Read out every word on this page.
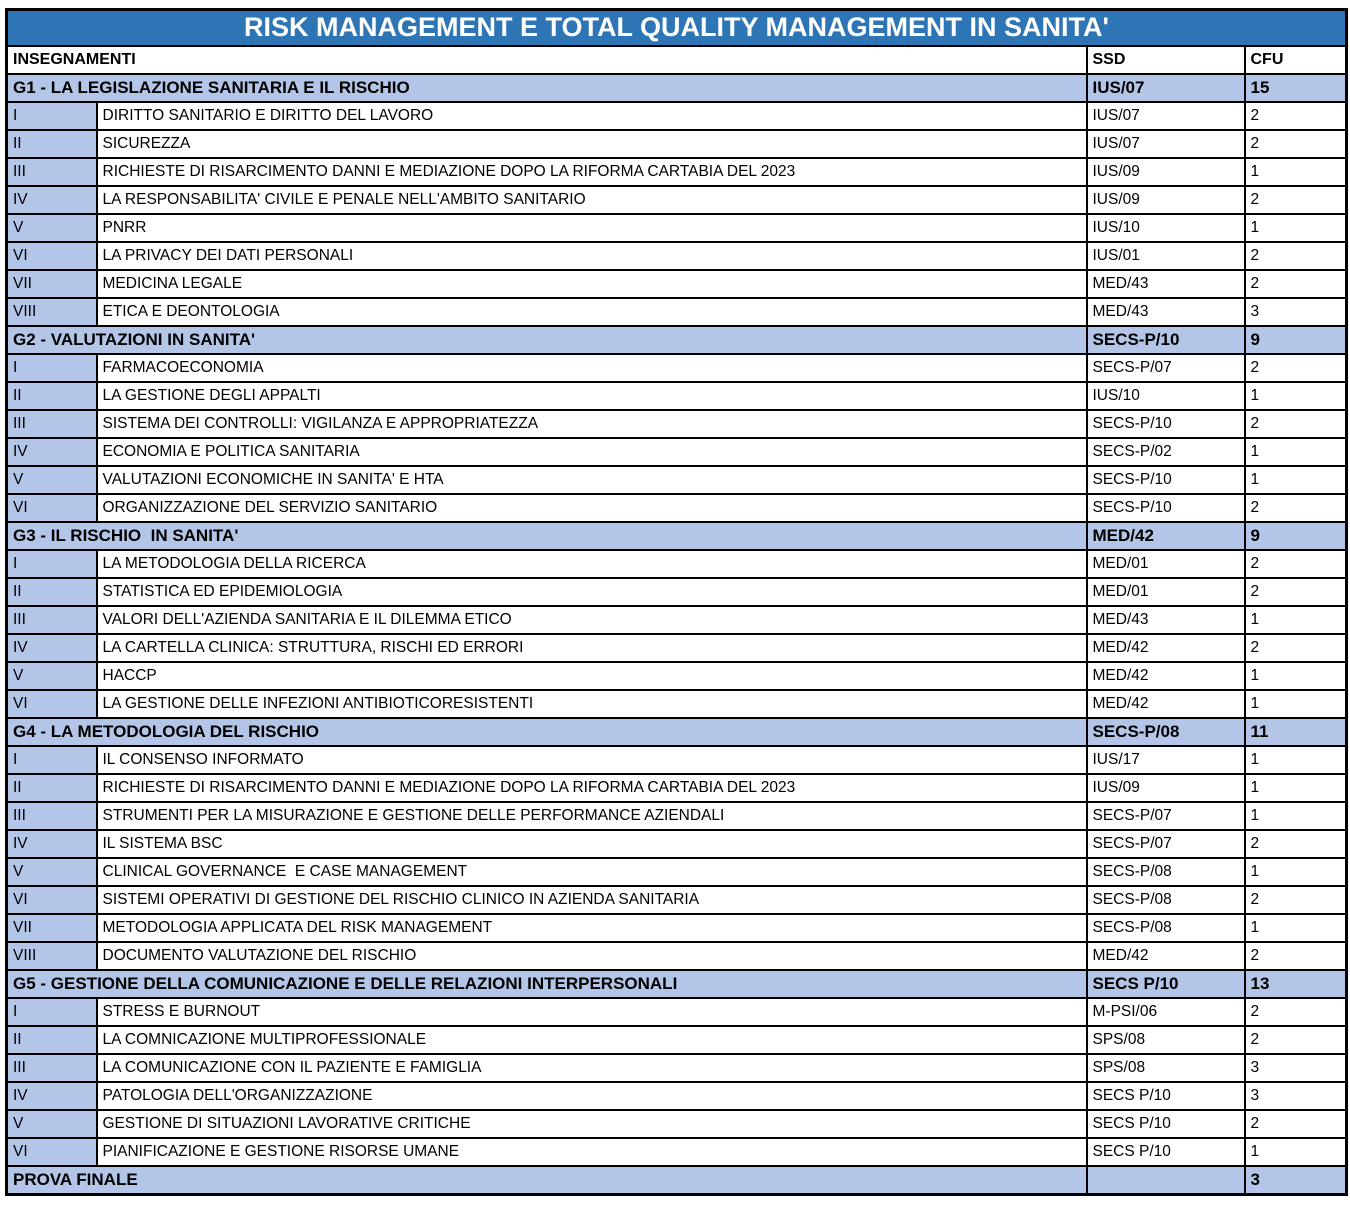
RISK MANAGEMENT E TOTAL QUALITY MANAGEMENT IN SANITA'			
INSEGNAMENTI		SSD	CFU
G1 - LA LEGISLAZIONE SANITARIA E IL RISCHIO		IUS/07	15
I	DIRITTO SANITARIO E DIRITTO DEL LAVORO	IUS/07	2
II	SICUREZZA	IUS/07	2
III	RICHIESTE DI RISARCIMENTO DANNI E MEDIAZIONE DOPO LA RIFORMA CARTABIA DEL 2023	IUS/09	1
IV	LA RESPONSABILITA' CIVILE E PENALE NELL'AMBITO SANITARIO	IUS/09	2
V	PNRR	IUS/10	1
VI	LA PRIVACY DEI DATI PERSONALI	IUS/01	2
VII	MEDICINA LEGALE	MED/43	2
VIII	ETICA E DEONTOLOGIA	MED/43	3
G2 - VALUTAZIONI IN SANITA'		SECS-P/10	9
I	FARMACOECONOMIA	SECS-P/07	2
II	LA GESTIONE DEGLI APPALTI	IUS/10	1
III	SISTEMA DEI CONTROLLI: VIGILANZA E APPROPRIATEZZA	SECS-P/10	2
IV	ECONOMIA E POLITICA SANITARIA	SECS-P/02	1
V	VALUTAZIONI ECONOMICHE IN SANITA' E HTA	SECS-P/10	1
VI	ORGANIZZAZIONE DEL SERVIZIO SANITARIO	SECS-P/10	2
G3 - IL RISCHIO  IN SANITA'		MED/42	9
I	LA METODOLOGIA DELLA RICERCA	MED/01	2
II	STATISTICA ED EPIDEMIOLOGIA	MED/01	2
III	VALORI DELL'AZIENDA SANITARIA E IL DILEMMA ETICO	MED/43	1
IV	LA CARTELLA CLINICA: STRUTTURA, RISCHI ED ERRORI	MED/42	2
V	HACCP	MED/42	1
VI	LA GESTIONE DELLE INFEZIONI ANTIBIOTICORESISTENTI	MED/42	1
G4 - LA METODOLOGIA DEL RISCHIO		SECS-P/08	11
I	IL CONSENSO INFORMATO	IUS/17	1
II	RICHIESTE DI RISARCIMENTO DANNI E MEDIAZIONE DOPO LA RIFORMA CARTABIA DEL 2023	IUS/09	1
III	STRUMENTI PER LA MISURAZIONE E GESTIONE DELLE PERFORMANCE AZIENDALI	SECS-P/07	1
IV	IL SISTEMA BSC	SECS-P/07	2
V	CLINICAL GOVERNANCE  E CASE MANAGEMENT	SECS-P/08	1
VI	SISTEMI OPERATIVI DI GESTIONE DEL RISCHIO CLINICO IN AZIENDA SANITARIA	SECS-P/08	2
VII	METODOLOGIA APPLICATA DEL RISK MANAGEMENT	SECS-P/08	1
VIII	DOCUMENTO VALUTAZIONE DEL RISCHIO	MED/42	2
G5 - GESTIONE DELLA COMUNICAZIONE E DELLE RELAZIONI INTERPERSONALI		SECS P/10	13
I	STRESS E BURNOUT	M-PSI/06	2
II	LA COMNICAZIONE MULTIPROFESSIONALE	SPS/08	2
III	LA COMUNICAZIONE CON IL PAZIENTE E FAMIGLIA	SPS/08	3
IV	PATOLOGIA DELL'ORGANIZZAZIONE	SECS P/10	3
V	GESTIONE DI SITUAZIONI LAVORATIVE CRITICHE	SECS P/10	2
VI	PIANIFICAZIONE E GESTIONE RISORSE UMANE	SECS P/10	1
PROVA FINALE			3
